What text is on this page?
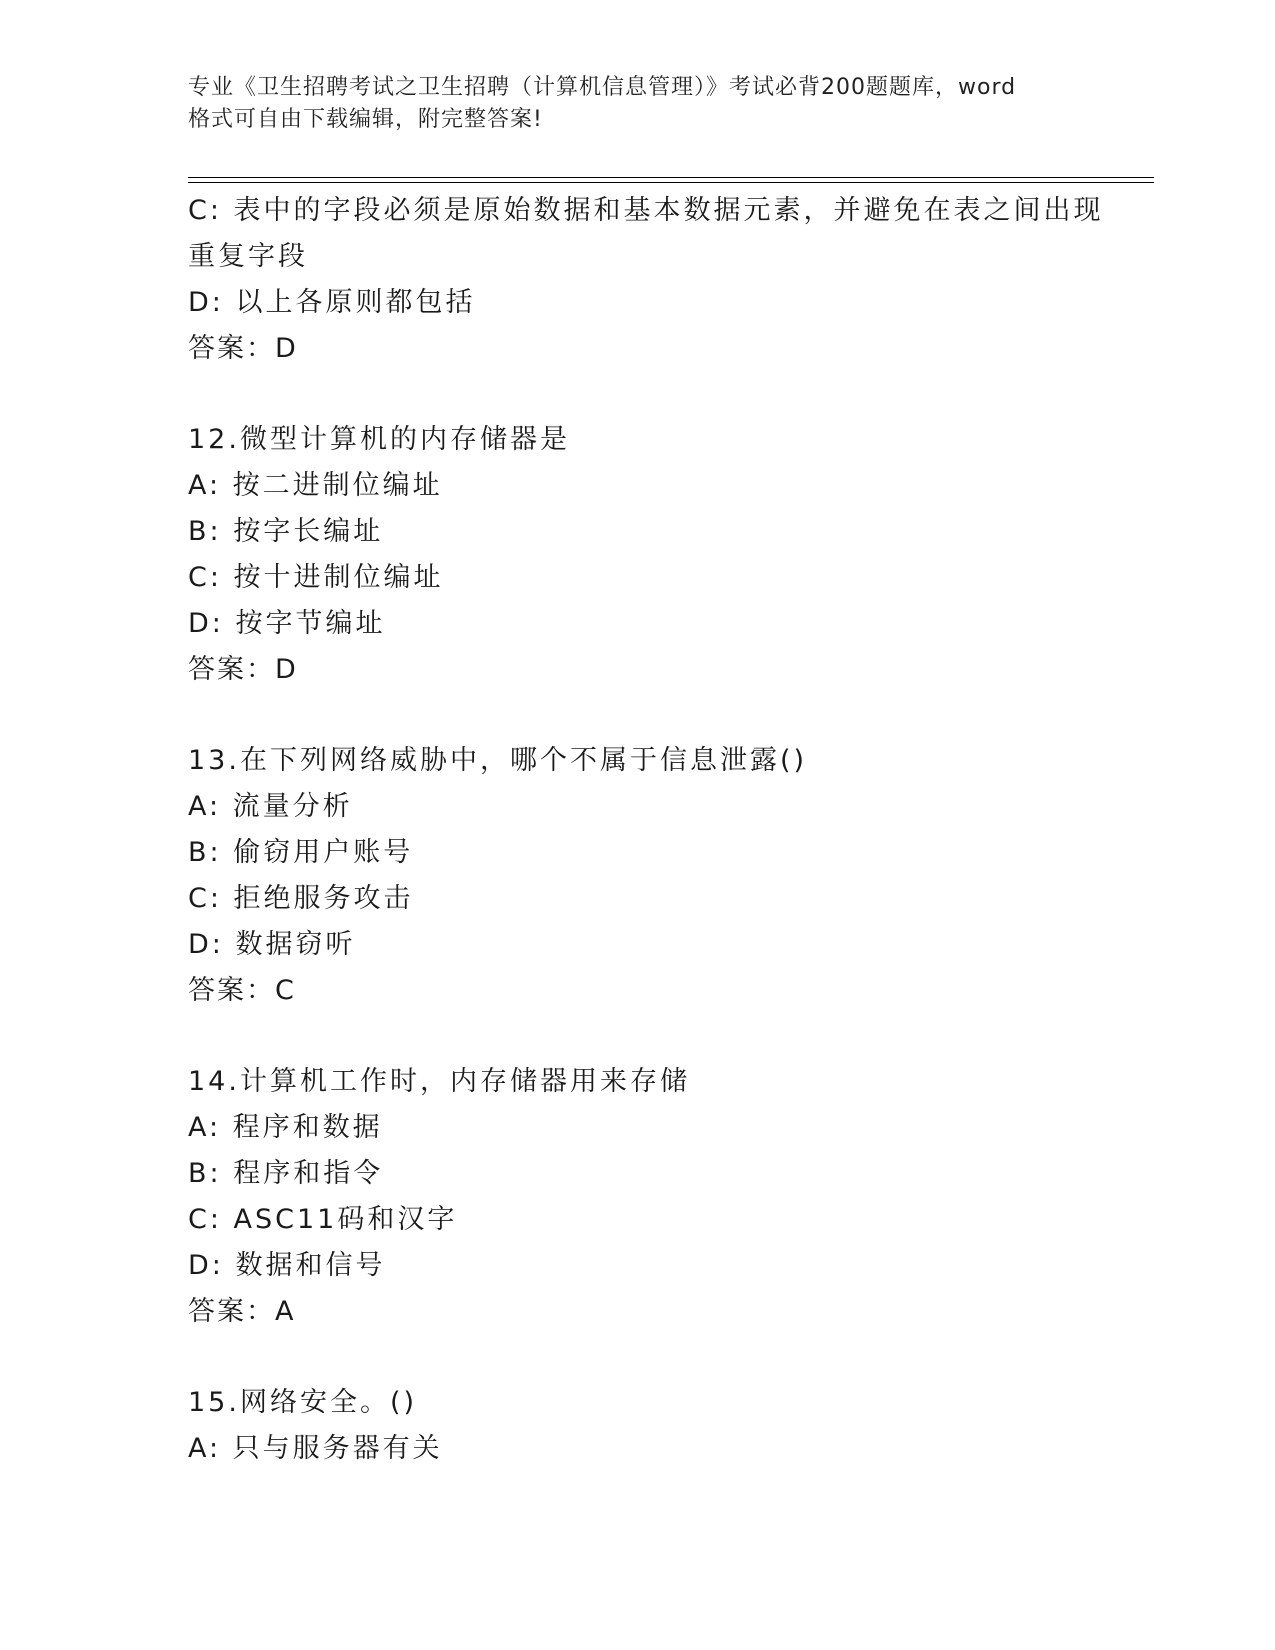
专业《卫生招聘考试之卫生招聘（计算机信息管理）》考试必背200题题库，word
格式可自由下载编辑，附完整答案!
C: 表中的字段必须是原始数据和基本数据元素，并避免在表之间出现
重复字段
D: 以上各原则都包括
答案：D
12.微型计算机的内存储器是
A: 按二进制位编址
B: 按字长编址
C: 按十进制位编址
D: 按字节编址
答案：D
13.在下列网络威胁中，哪个不属于信息泄露()
A: 流量分析
B: 偷窃用户账号
C: 拒绝服务攻击
D: 数据窃听
答案：C
14.计算机工作时，内存储器用来存储
A: 程序和数据
B: 程序和指令
C: ASC11码和汉字
D: 数据和信号
答案：A
15.网络安全。()
A: 只与服务器有关
